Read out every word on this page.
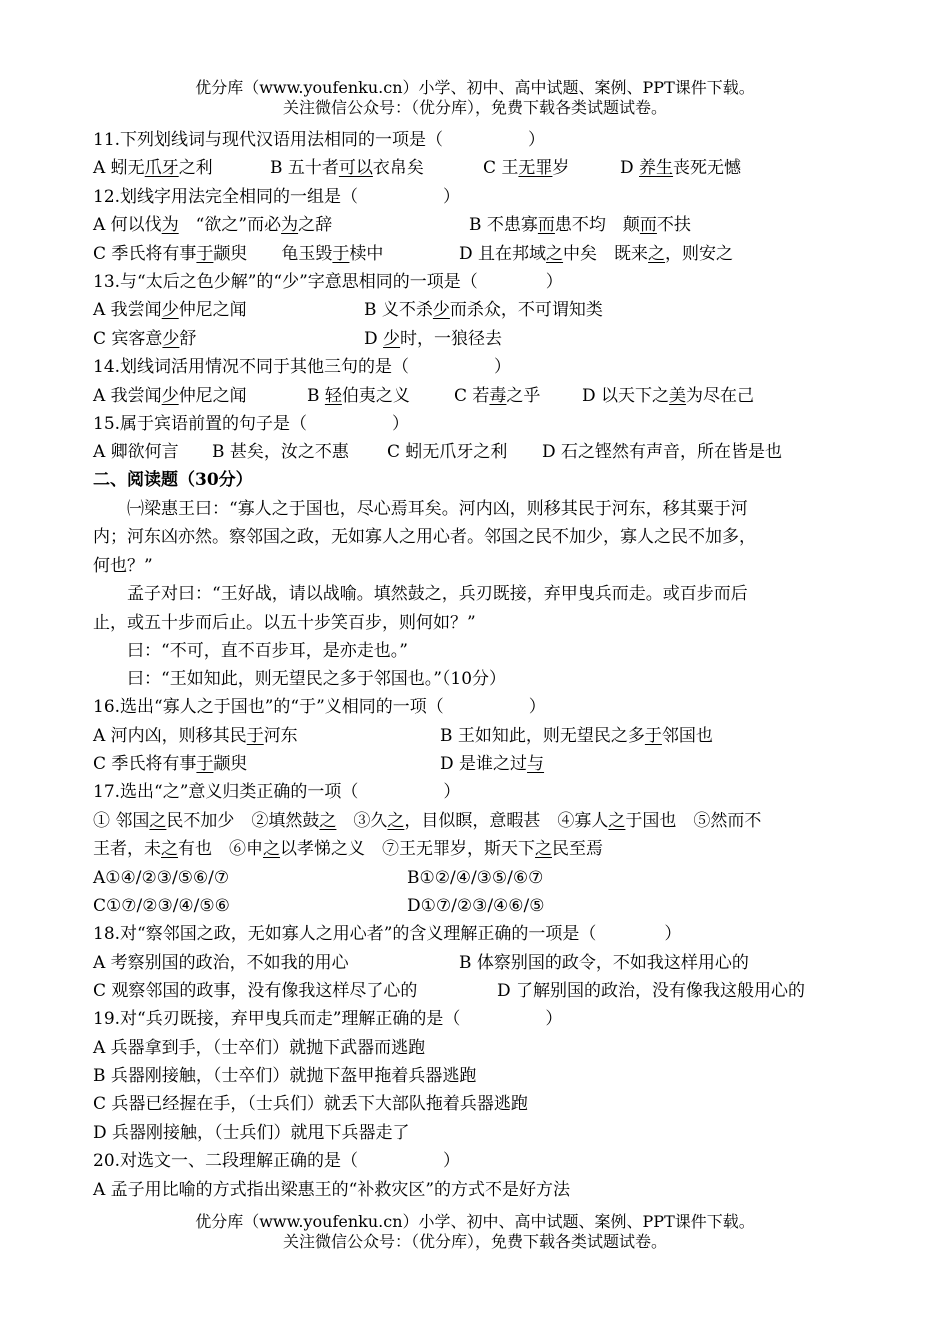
优分库（www.youfenku.cn）小学、初中、高中试题、案例、PPT课件下载。
关注微信公众号：（优分库），免费下载各类试题试卷。
11.下列划线词与现代汉语用法相同的一项是（　　　　　）
A 蚓无爪牙之利	B 五十者可以衣帛矣	C 王无罪岁	D 养生丧死无憾
12.划线字用法完全相同的一组是（　　　　　）
A 何以伐为　“欲之”而必为之辞	B 不患寡而患不均　颠而不扶
C 季氏将有事于颛臾　　龟玉毁于椟中	D 且在邦域之中矣　既来之，则安之
13.与“太后之色少解”的“少”字意思相同的一项是（　　　　）
A 我尝闻少仲尼之闻	B 义不杀少而杀众，不可谓知类
C 宾客意少舒	D 少时，一狼径去
14.划线词活用情况不同于其他三句的是（　　　　　）
A 我尝闻少仲尼之闻	B 轻伯夷之义	C 若毒之乎 D 以天下之美为尽在己
15.属于宾语前置的句子是（　　　　　）
A 卿欲何言 B 甚矣，汝之不惠 C 蚓无爪牙之利 D 石之铿然有声音，所在皆是也
二、阅读题（30分）
㈠梁惠王曰：“寡人之于国也，尽心焉耳矣。河内凶，则移其民于河东，移其粟于河
内；河东凶亦然。察邻国之政，无如寡人之用心者。邻国之民不加少，寡人之民不加多，
何也？”
孟子对曰：“王好战，请以战喻。填然鼓之，兵刃既接，弃甲曳兵而走。或百步而后
止，或五十步而后止。以五十步笑百步，则何如？”
曰：“不可，直不百步耳，是亦走也。”
曰：“王如知此，则无望民之多于邻国也。”（10分）
16.选出“寡人之于国也”的“于”义相同的一项（　　　　　）
A 河内凶，则移其民于河东	B 王如知此，则无望民之多于邻国也
C 季氏将有事于颛臾	D 是谁之过与
17.选出“之”意义归类正确的一项（　　　　　）
① 邻国之民不加少　②填然鼓之　③久之，目似瞑，意暇甚　④寡人之于国也　⑤然而不
王者，未之有也　⑥申之以孝悌之义　⑦王无罪岁，斯天下之民至焉
A①④/②③/⑤⑥/⑦	B①②/④/③⑤/⑥⑦
C①⑦/②③/④/⑤⑥	D①⑦/②③/④⑥/⑤
18.对“察邻国之政，无如寡人之用心者”的含义理解正确的一项是（　　　　）
A 考察别国的政治，不如我的用心	B 体察别国的政令，不如我这样用心的
C 观察邻国的政事，没有像我这样尽了心的	D 了解别国的政治，没有像我这般用心的
19.对“兵刃既接，弃甲曳兵而走”理解正确的是（　　　　　）
A 兵器拿到手，（士卒们）就抛下武器而逃跑
B 兵器刚接触，（士卒们）就抛下盔甲拖着兵器逃跑
C 兵器已经握在手，（士兵们）就丢下大部队拖着兵器逃跑
D 兵器刚接触，（士兵们）就甩下兵器走了
20.对选文一、二段理解正确的是（　　　　　）
A 孟子用比喻的方式指出梁惠王的“补救灾区”的方式不是好方法
优分库（www.youfenku.cn）小学、初中、高中试题、案例、PPT课件下载。
关注微信公众号：（优分库），免费下载各类试题试卷。
